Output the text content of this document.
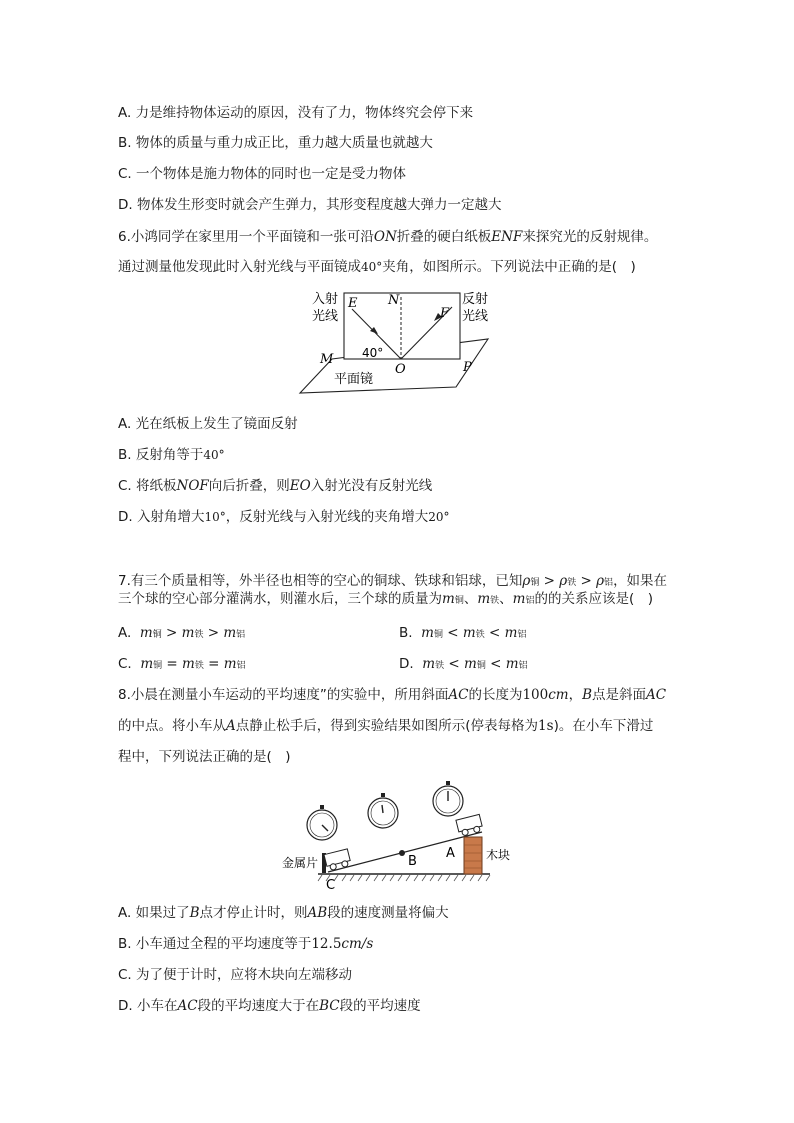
A. 力是维持物体运动的原因，没有了力，物体终究会停下来
B. 物体的质量与重力成正比，重力越大质量也就越大
C. 一个物体是施力物体的同时也一定是受力物体
D. 物体发生形变时就会产生弹力，其形变程度越大弹力一定越大
6.小鸿同学在家里用一个平面镜和一张可沿ON折叠的硬白纸板ENF来探究光的反射规律。
通过测量他发现此时入射光线与平面镜成40°夹角，如图所示。下列说法中正确的是(　)
入射
光线
反射
光线
E N
F
M
O	P
40°
平面镜
A. 光在纸板上发生了镜面反射
B. 反射角等于40°
C. 将纸板NOF向后折叠，则EO入射光没有反射光线
D. 入射角增大10°，反射光线与入射光线的夹角增大20°
7.有三个质量相等，外半径也相等的空心的铜球、铁球和铝球，已知ρ铜 > ρ铁 > ρ铝，如果在
三个球的空心部分灌满水，则灌水后，三个球的质量为m铜、m铁、m铝的的关系应该是(　)
A. m铜 > m铁 > m铝	B. m铜 < m铁 < m铝
C. m铜 = m铁 = m铝	D. m铁 < m铜 < m铝
8.小晨在测量小车运动的平均速度”的实验中，所用斜面AC的长度为100cm，B点是斜面AC
的中点。将小车从A点静止松手后，得到实验结果如图所示(停表每格为1s)。在小车下滑过
程中，下列说法正确的是(　)
金属片
木块
A
B
C
A. 如果过了B点才停止计时，则AB段的速度测量将偏大
B. 小车通过全程的平均速度等于12.5cm/s
C. 为了便于计时，应将木块向左端移动
D. 小车在AC段的平均速度大于在BC段的平均速度
